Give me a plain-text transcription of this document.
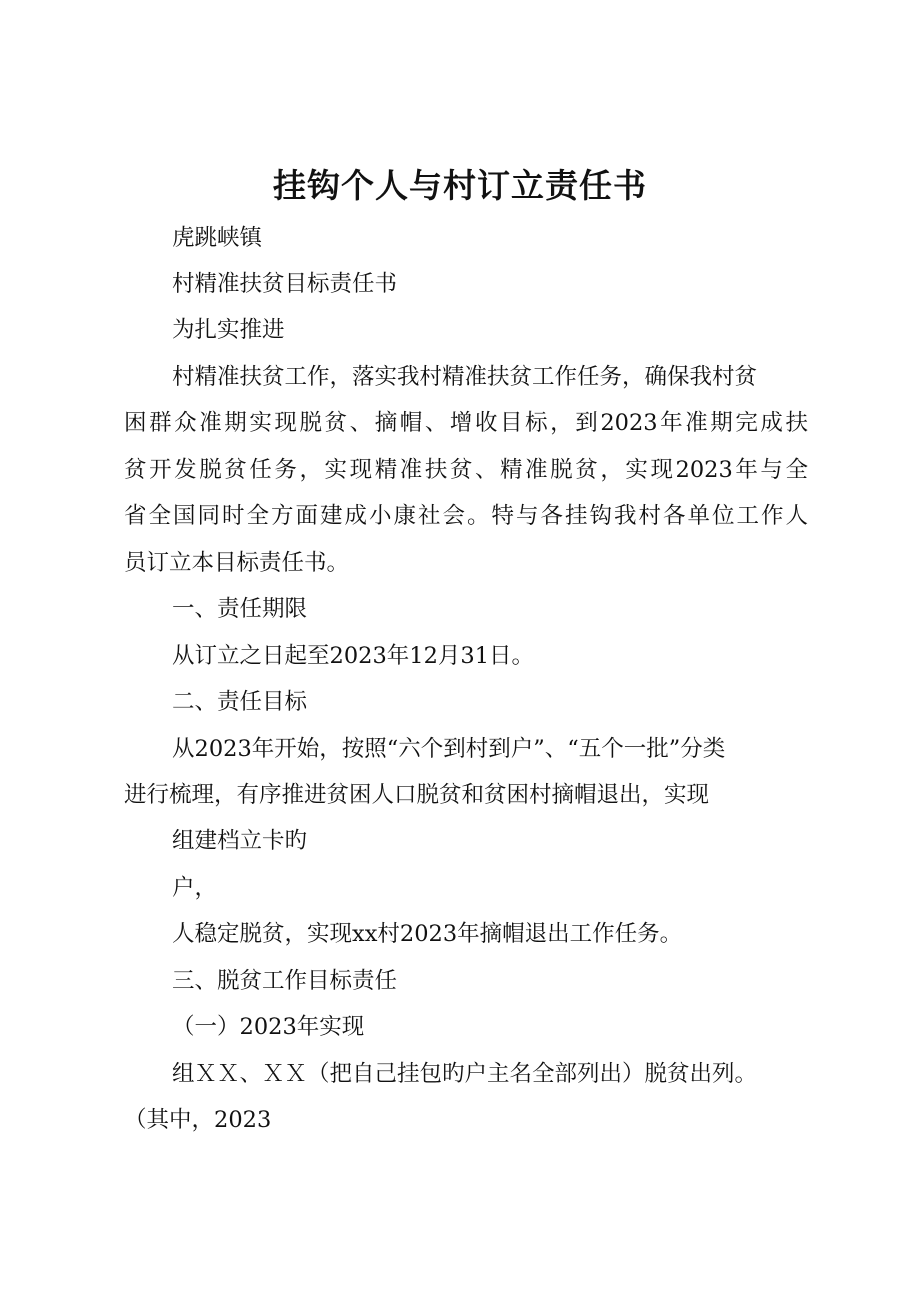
挂钩个人与村订立责任书
虎跳峡镇
村精准扶贫目标责任书
为扎实推进
村精准扶贫工作，落实我村精准扶贫工作任务，确保我村贫
困群众准期实现脱贫、摘帽、增收目标，到2023年准期完成扶
贫开发脱贫任务，实现精准扶贫、精准脱贫，实现2023年与全
省全国同时全方面建成小康社会。特与各挂钩我村各单位工作人
员订立本目标责任书。
一、责任期限
从订立之日起至2023年12月31日。
二、责任目标
从2023年开始，按照“六个到村到户”、“五个一批”分类
进行梳理，有序推进贫困人口脱贫和贫困村摘帽退出，实现
组建档立卡旳
户，
人稳定脱贫，实现xx村2023年摘帽退出工作任务。
三、脱贫工作目标责任
（一）2023年实现
组ＸＸ、ＸＸ（把自己挂包旳户主名全部列出）脱贫出列。
（其中，2023
